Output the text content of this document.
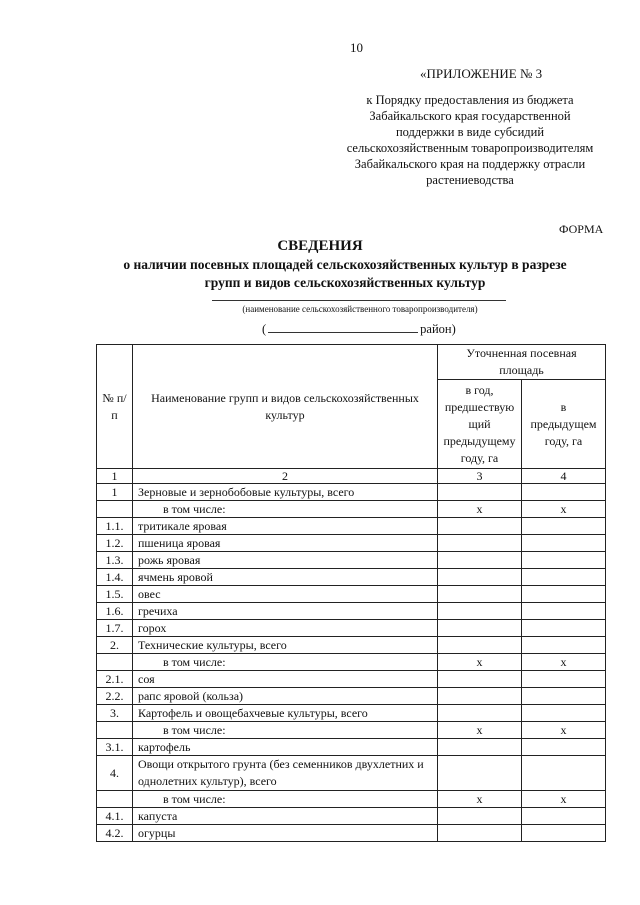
10
«ПРИЛОЖЕНИЕ № 3
к Порядку предоставления из бюджета
Забайкальского края государственной
поддержки в виде субсидий
сельскохозяйственным товаропроизводителям
Забайкальского края на поддержку отрасли
растениеводства
ФОРМА
СВЕДЕНИЯ
о наличии посевных площадей сельскохозяйственных культур в разрезе
групп и видов сельскохозяйственных культур
(наименование сельскохозяйственного товаропроизводителя)
(	район)
№ п/п	Наименование групп и видов сельскохозяйственных культур	Уточненная посевная площадь	
		в год, предшествую щий предыдущему году, га	в предыдущем году, га
1	2	3	4
1	Зерновые и зернобобовые культуры, всего		
	в том числе:	х	х
1.1.	тритикале яровая		
1.2.	пшеница яровая		
1.3.	рожь яровая		
1.4.	ячмень яровой		
1.5.	овес		
1.6.	гречиха		
1.7.	горох		
2.	Технические культуры, всего		
	в том числе:	х	х
2.1.	соя		
2.2.	рапс яровой (кольза)		
3.	Картофель и овощебахчевые культуры, всего		
	в том числе:	х	х
3.1.	картофель		
4.	Овощи открытого грунта (без семенников двухлетних и однолетних культур), всего		
	в том числе:	х	х
4.1.	капуста		
4.2.	огурцы		
